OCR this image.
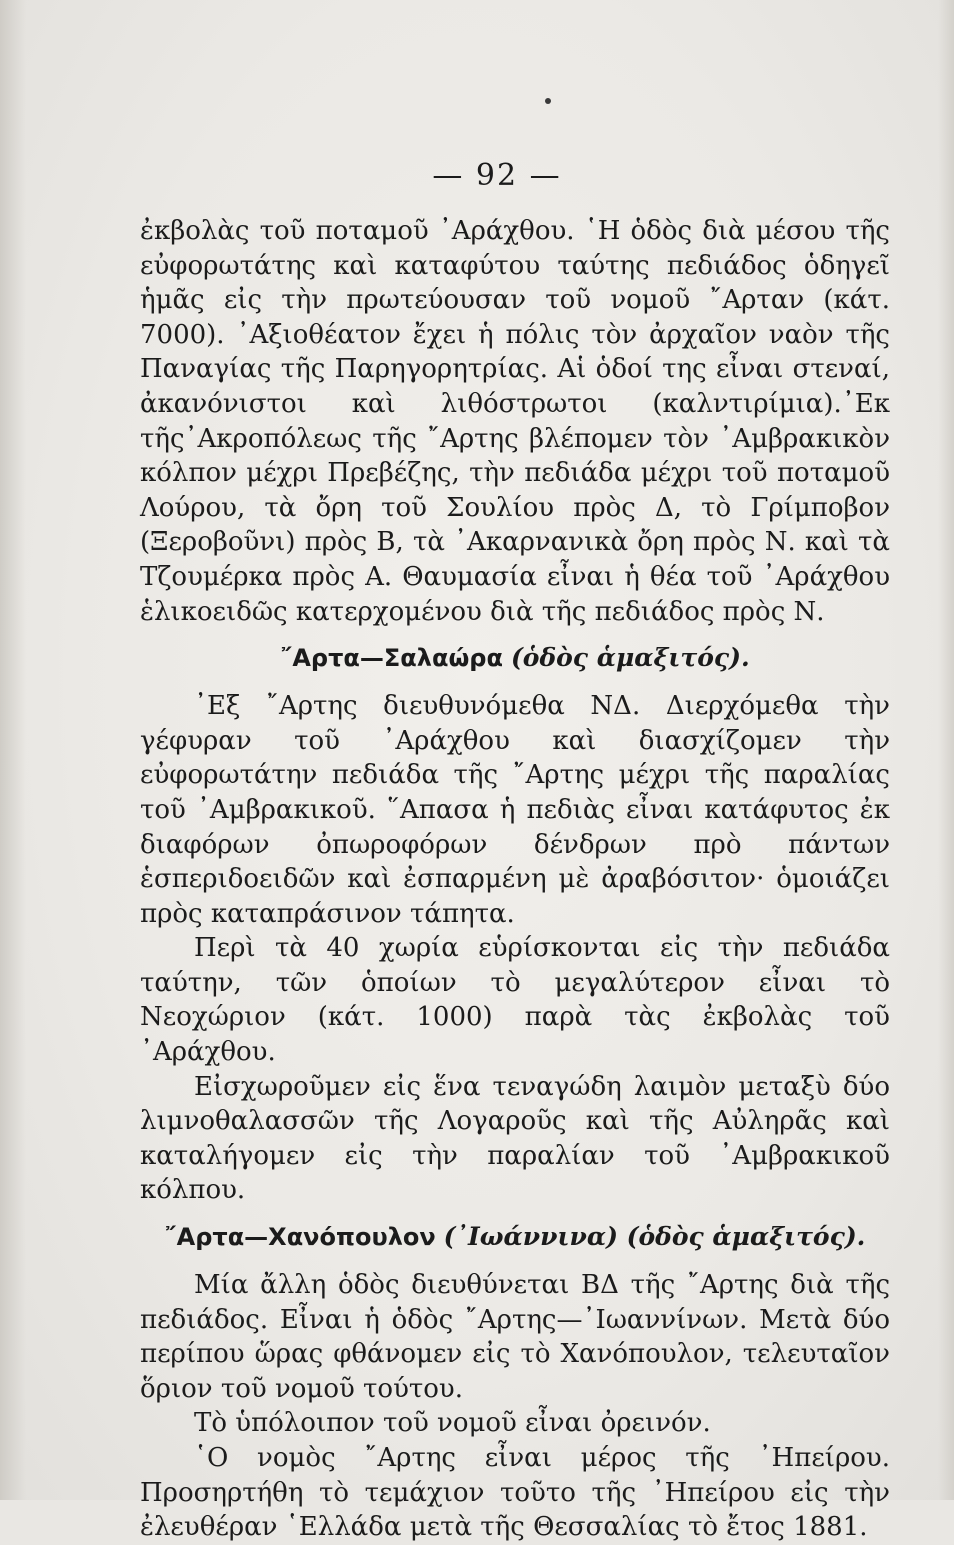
— 92 —

ἐκβολὰς τοῦ ποταμοῦ ᾿Αράχθου. ῾Η ὁδὸς διὰ μέσου τῆς εὐφορωτάτης καὶ καταφύτου ταύτης πεδιάδος ὁδηγεῖ ἡμᾶς εἰς τὴν πρωτεύουσαν τοῦ νομοῦ ῎Αρταν (κάτ. 7000). ᾿Αξιοθέατον ἔχει ἡ πόλις τὸν ἀρχαῖον ναὸν τῆς Παναγίας τῆς Παρηγορητρίας. Αἱ ὁδοί της εἶναι στεναί, ἀκανόνιστοι καὶ λιθόστρωτοι (καλντιρίμια).᾿Εκ τῆς᾿Ακροπόλεως τῆς ῎Αρτης βλέπομεν τὸν ᾿Αμβρακικὸν κόλπον μέχρι Πρεβέζης, τὴν πεδιάδα μέχρι τοῦ ποταμοῦ Λούρου, τὰ ὄρη τοῦ Σουλίου πρὸς Δ, τὸ Γρίμποβον (Ξεροβοῦνι) πρὸς Β, τὰ ᾿Ακαρνανικὰ ὄρη πρὸς Ν. καὶ τὰ Τζουμέρκα πρὸς Α. Θαυμασία εἶναι ἡ θέα τοῦ ᾿Αράχθου ἑλικοειδῶς κατερχομένου διὰ τῆς πεδιάδος πρὸς Ν.

῎Αρτα—Σαλαώρα (ὁδὸς ἁμαξιτός).

᾿Εξ ῎Αρτης διευθυνόμεθα ΝΔ. Διερχόμεθα τὴν γέφυραν τοῦ ᾿Αράχθου καὶ διασχίζομεν τὴν εὐφορωτάτην πεδιάδα τῆς ῎Αρτης μέχρι τῆς παραλίας τοῦ ᾿Αμβρακικοῦ. ῞Απασα ἡ πεδιὰς εἶναι κατάφυτος ἐκ διαφόρων ὀπωροφόρων δένδρων πρὸ πάντων ἑσπεριδοειδῶν καὶ ἐσπαρμένη μὲ ἀραβόσιτον· ὁμοιάζει πρὸς καταπράσινον τάπητα.

Περὶ τὰ 40 χωρία εὑρίσκονται εἰς τὴν πεδιάδα ταύτην, τῶν ὁποίων τὸ μεγαλύτερον εἶναι τὸ Νεοχώριον (κάτ. 1000) παρὰ τὰς ἐκβολὰς τοῦ ᾿Αράχθου.

Εἰσχωροῦμεν εἰς ἕνα τεναγώδη λαιμὸν μεταξὺ δύο λιμνοθαλασσῶν τῆς Λογαροῦς καὶ τῆς Αὐληρᾶς καὶ καταλήγομεν εἰς τὴν παραλίαν τοῦ ᾿Αμβρακικοῦ κόλπου.

῎Αρτα—Χανόπουλον (᾿Ιωάννινα) (ὁδὸς ἁμαξιτός).

Μία ἄλλη ὁδὸς διευθύνεται ΒΔ τῆς ῎Αρτης διὰ τῆς πεδιάδος. Εἶναι ἡ ὁδὸς ῎Αρτης—᾿Ιωαννίνων. Μετὰ δύο περίπου ὥρας φθάνομεν εἰς τὸ Χανόπουλον, τελευταῖον ὅριον τοῦ νομοῦ τούτου.

Τὸ ὑπόλοιπον τοῦ νομοῦ εἶναι ὀρεινόν.

῾Ο νομὸς ῎Αρτης εἶναι μέρος τῆς ᾿Ηπείρου. Προσηρτήθη τὸ τεμάχιον τοῦτο τῆς ᾿Ηπείρου εἰς τὴν ἐλευθέραν ῾Ελλάδα μετὰ τῆς Θεσσαλίας τὸ ἔτος 1881.
